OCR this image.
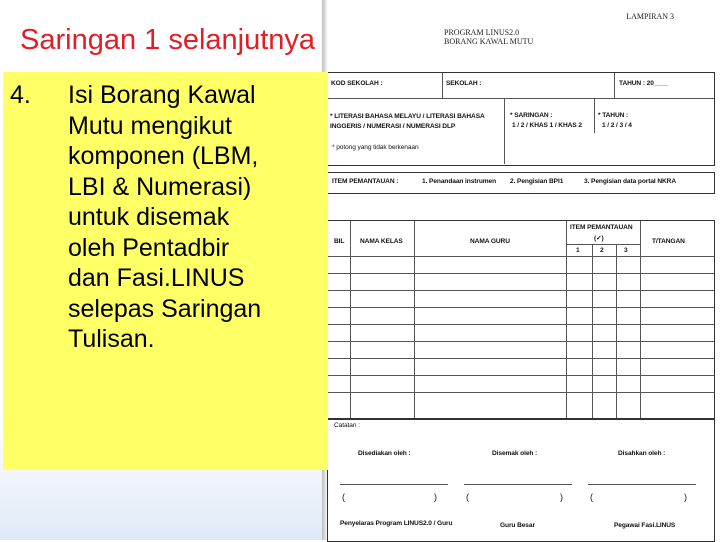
LAMPIRAN 3
PROGRAM LINUS2.0
BORANG KAWAL MUTU
KOD SEKOLAH :	SEKOLAH :	TAHUN : 20____
* LITERASI BAHASA MELAYU / LITERASI BAHASA
INGGERIS / NUMERASI / NUMERASI DLP
* SARINGAN :
1 / 2 / KHAS 1 / KHAS 2
* TAHUN :
1 / 2 / 3 / 4
* potong yang tidak berkenaan
ITEM PEMANTAUAN :	1. Penandaan instrumen 2. Pengisian BPI1	3. Pengisian data portal NKRA
BIL NAMA KELAS	NAMA GURU
ITEM PEMANTAUAN
(✓)
1	2	3
T/TANGAN
Catatan :
Disediakan oleh :	Disemak oleh :	Disahkan oleh :
(	)	(	)	(	)
Penyelaras Program LINUS2.0 / Guru	Guru Besar	Pegawai Fasi.LINUS
Saringan 1 selanjutnya
4. Isi Borang Kawal
Mutu mengikut
komponen (LBM,
LBI & Numerasi)
untuk disemak
oleh Pentadbir
dan Fasi.LINUS
selepas Saringan
Tulisan.
